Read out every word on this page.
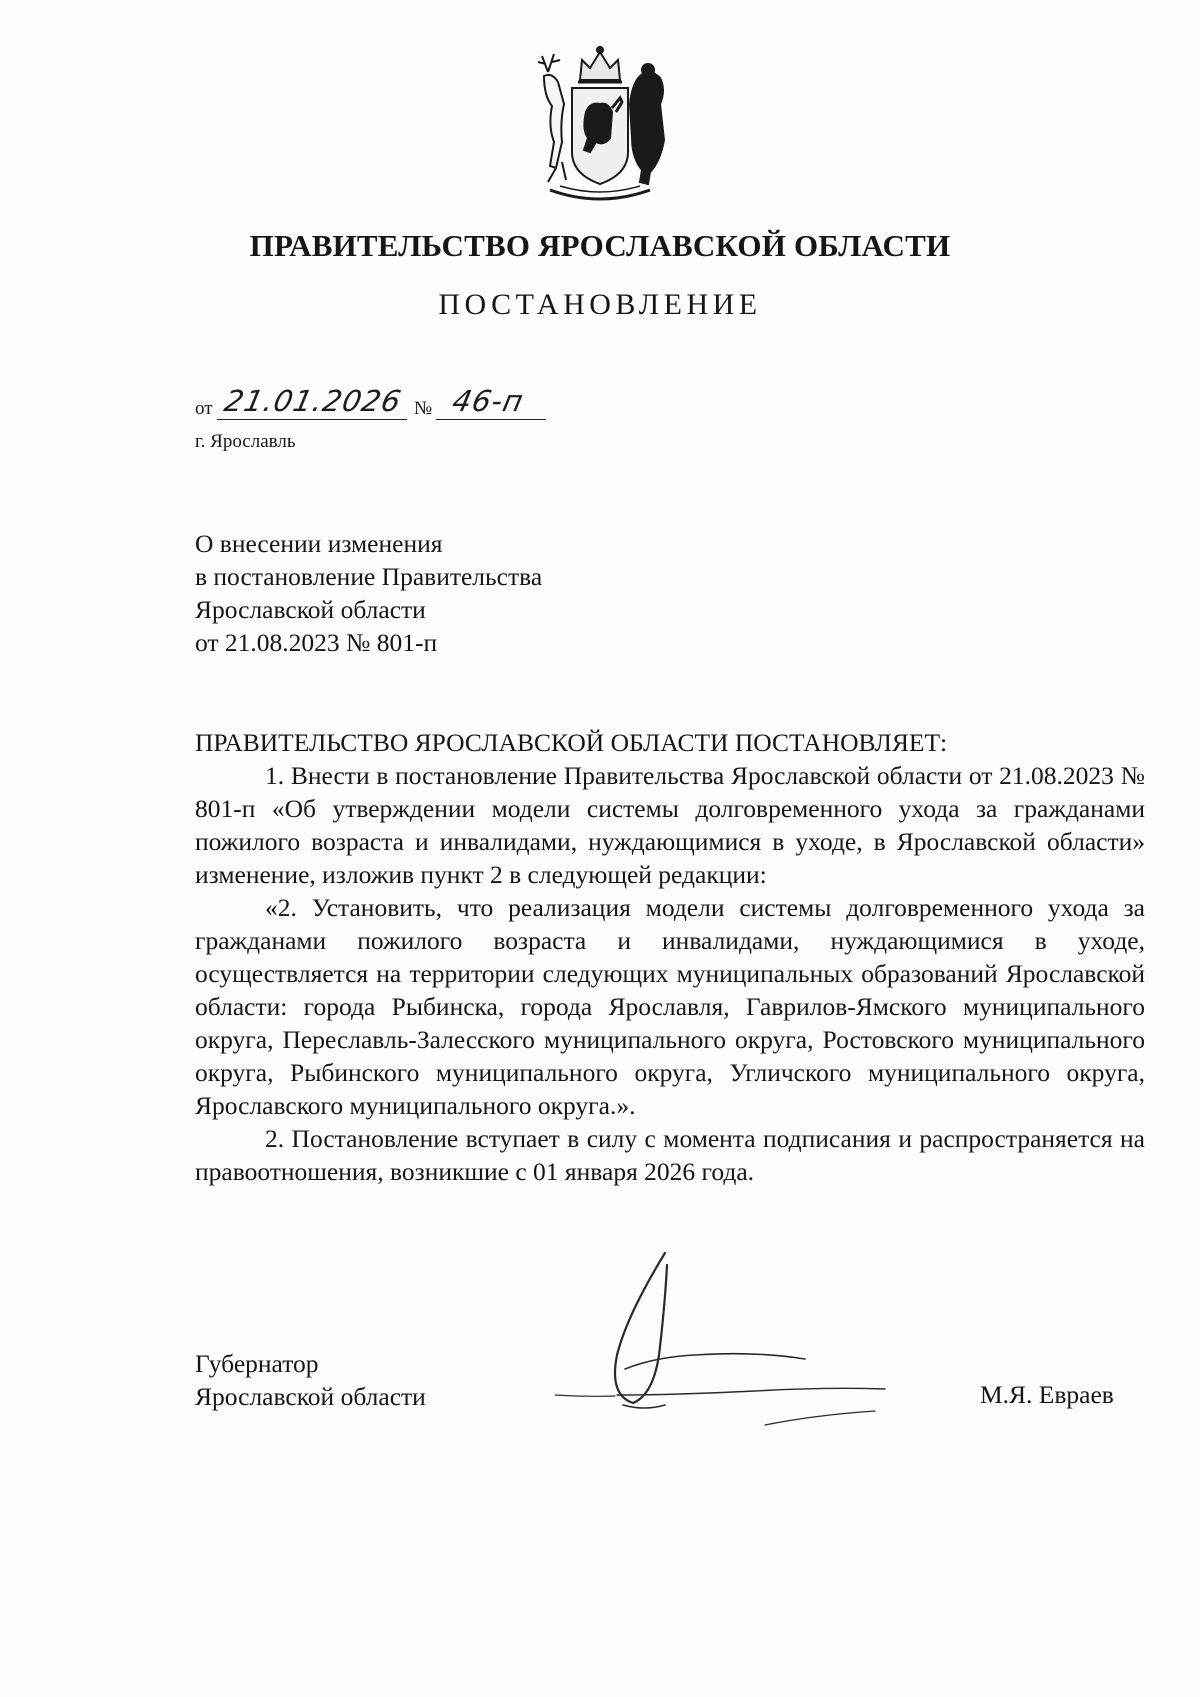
ПРАВИТЕЛЬСТВО ЯРОСЛАВСКОЙ ОБЛАСТИ
ПОСТАНОВЛЕНИЕ
от 21.01.2026 № 46-п
г. Ярославль
О внесении изменения
в постановление Правительства
Ярославской области
от 21.08.2023 № 801-п

ПРАВИТЕЛЬСТВО ЯРОСЛАВСКОЙ ОБЛАСТИ ПОСТАНОВЛЯЕТ:

1. Внести в постановление Правительства Ярославской области от 21.08.2023 № 801-п «Об утверждении модели системы долговременного ухода за гражданами пожилого возраста и инвалидами, нуждающимися в уходе, в Ярославской области» изменение, изложив пункт 2 в следующей редакции:

«2. Установить, что реализация модели системы долговременного ухода за гражданами пожилого возраста и инвалидами, нуждающимися в уходе, осуществляется на территории следующих муниципальных образований Ярославской области: города Рыбинска, города Ярославля, Гаврилов-Ямского муниципального округа, Переславль-Залесского муниципального округа, Ростовского муниципального округа, Рыбинского муниципального округа, Угличского муниципального округа, Ярославского муниципального округа.».

2. Постановление вступает в силу с момента подписания и распространяется на правоотношения, возникшие с 01 января 2026 года.

Губернатор
Ярославской области	М.Я. Евраев
